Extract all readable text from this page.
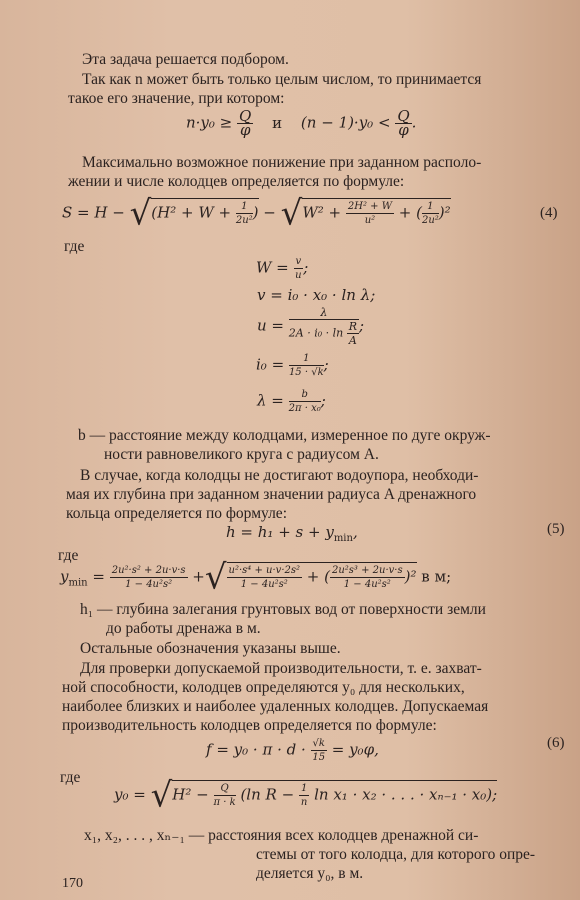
Эта задача решается подбором.
Так как n может быть только целым числом, то принимается
такое его значение, при котором:
$n\cdot y_0 \ge \frac{Q}{\varphi}$ и $(n - 1)\cdot y_0 < \frac{Q}{\varphi}$ .
Максимально возможное понижение при заданном располо-
жении и числе колодцев определяется по формуле:
$S = H - √(H^2 + W + \frac{1}{\text{2u²}}$ ) − $√W^2 + \frac{\text{2H² + W}}{\text{u²}}$ + ( $\frac{1}{\text{2u²}} )^2$	(4)
где
$W = \frac{v}{u}$ ;
v = i₀ · x₀ · ln λ;
$u = \frac{\lambda}{2A \cdot i_0 \cdot \ln \frac{R}{A}}$ ;
$i_0 = \frac{1}{15 \cdot √k}$ ;
$\lambda = \frac{b}{\text{2π · x₀}}$ ;
b — расстояние между колодцами, измеренное по дуге окруж-
ности равновеликого круга с радиусом A.
В случае, когда колодцы не достигают водоупора, необходи-
мая их глубина при заданном значении радиуса A дренажного
кольца определяется по формуле:
$h = h_1 + s + y_{min}$,	(5)
где
$y_{min} = \frac{\text{2u²·s² + 2u·v·s}}{\text{1 − 4u²s²}}$ +√ $\frac{\text{u²·s⁴ + u·v·2s²}}{\text{1 − 4u²s²}}$ + ( $\frac{\text{2u²s³ + 2u·v·s}}{\text{1 − 4u²s²}} )^2$ в м;
h₁ — глубина залегания грунтовых вод от поверхности земли
до работы дренажа в м.
Остальные обозначения указаны выше.
Для проверки допускаемой производительности, т. е. захват-
ной способности, колодцев определяются y₀ для нескольких,
наиболее близких и наиболее удаленных колодцев. Допускаемая
производительность колодцев определяется по формуле:
$f = y_0 \cdot \pi \cdot d \cdot \frac{√k}{15} = y_0\varphi$,	(6)
где
$y_0 = √H^2 - \frac{Q}{\pi \cdot k} (\ln$ $R - \frac{1}{n}$ ln x₁ · x₂ · . . . · xₙ₋₁ · x₀);
x₁, x₂, . . . , xₙ₋₁ — расстояния всех колодцев дренажной си-
стемы от того колодца, для которого опре-
деляется y₀, в м.
170
